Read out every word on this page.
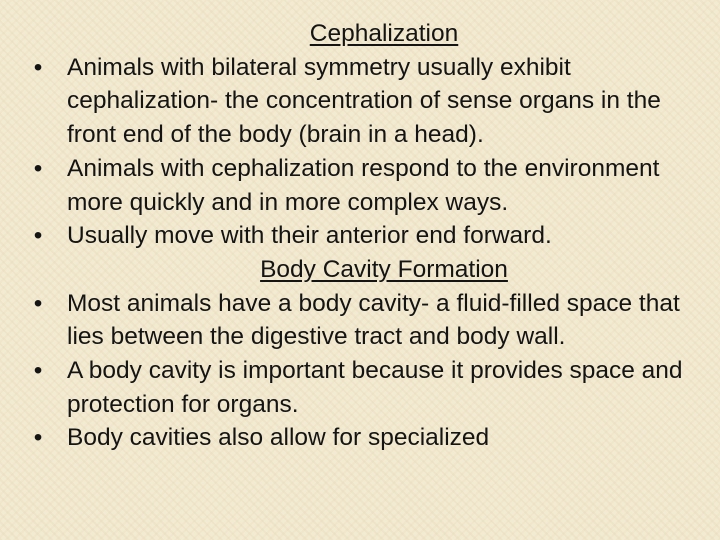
Cephalization
• Animals with bilateral symmetry usually exhibit cephalization- the concentration of sense organs in the front end of the body (brain in a head).
• Animals with cephalization respond to the environment more quickly and in more complex ways.
• Usually move with their anterior end forward.
Body Cavity Formation
• Most animals have a body cavity- a fluid-filled space that lies between the digestive tract and body wall.
• A body cavity is important because it provides space and protection for organs.
• Body cavities also allow for specialized
